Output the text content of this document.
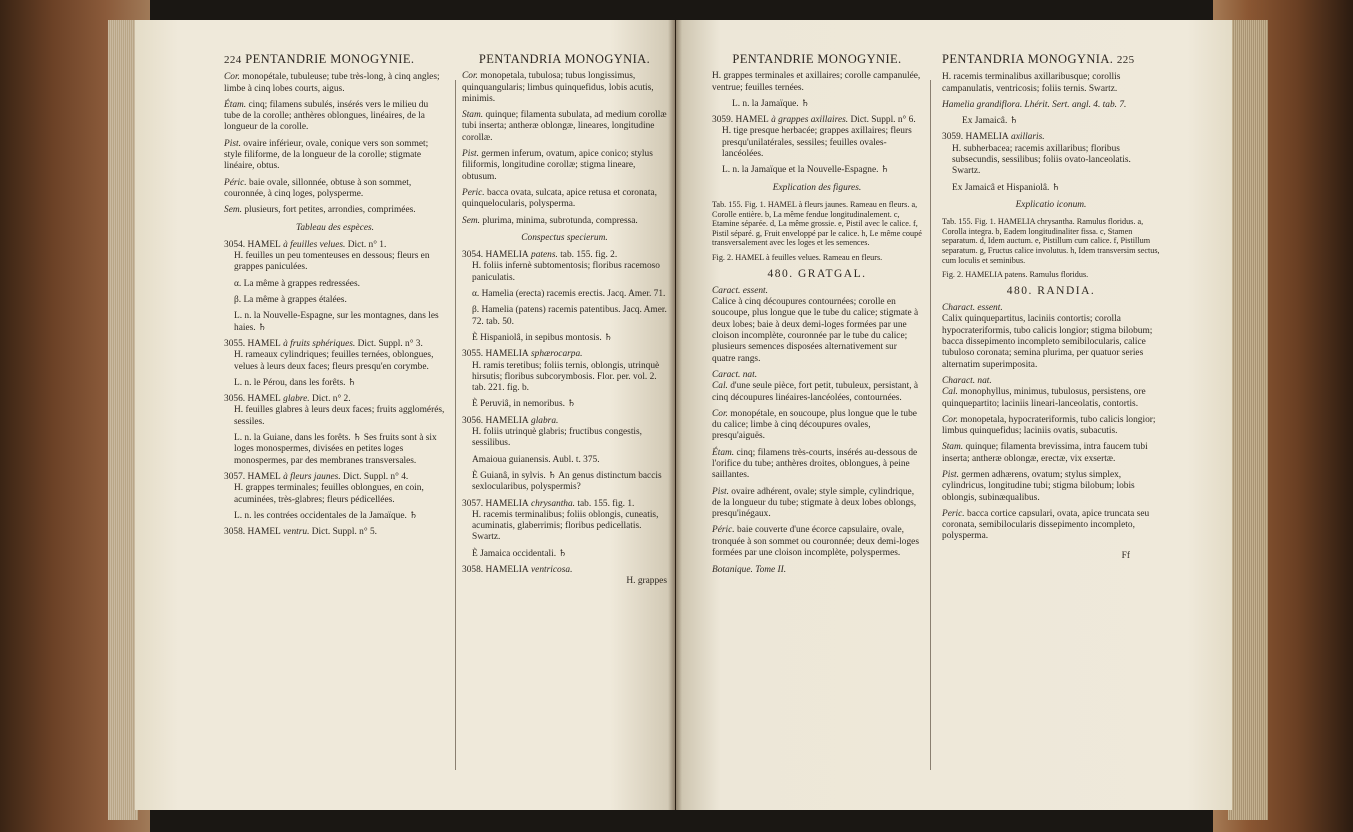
224 PENTANDRIE MONOGYNIE.

Cor. monopétale, tubuleuse; tube très-long, à cinq angles; limbe à cinq lobes courts, aigus.

Étam. cinq; filamens subulés, insérés vers le milieu du tube de la corolle; anthères oblongues, linéaires, de la longueur de la corolle.

Pist. ovaire inférieur, ovale, conique vers son sommet; style filiforme, de la longueur de la corolle; stigmate linéaire, obtus.

Péric. baie ovale, sillonnée, obtuse à son sommet, couronnée, à cinq loges, polysperme.

Sem. plusieurs, fort petites, arrondies, comprimées.

Tableau des espèces.

3054. HAMEL à feuilles velues. Dict. n° 1.

H. feuilles un peu tomenteuses en dessous; fleurs en grappes paniculées.

α. La même à grappes redressées.

β. La même à grappes étalées.

L. n. la Nouvelle-Espagne, sur les montagnes, dans les haies. ♄

3055. HAMEL à fruits sphériques. Dict. Suppl. n° 3.

H. rameaux cylindriques; feuilles ternées, oblongues, velues à leurs deux faces; fleurs presqu'en corymbe.

L. n. le Pérou, dans les forêts. ♄

3056. HAMEL glabre. Dict. n° 2.

H. feuilles glabres à leurs deux faces; fruits agglomérés, sessiles.

L. n. la Guiane, dans les forêts. ♄ Ses fruits sont à six loges monospermes, divisées en petites loges monospermes, par des membranes transversales.

3057. HAMEL à fleurs jaunes. Dict. Suppl. n° 4.

H. grappes terminales; feuilles oblongues, en coin, acuminées, très-glabres; fleurs pédicellées.

L. n. les contrées occidentales de la Jamaïque. ♄

3058. HAMEL ventru. Dict. Suppl. n° 5.

PENTANDRIA MONOGYNIA.

Cor. monopetala, tubulosa; tubus longissimus, quinquangularis; limbus quinquefidus, lobis acutis, minimis.

Stam. quinque; filamenta subulata, ad medium corollæ tubi inserta; antheræ oblongæ, lineares, longitudine corollæ.

Pist. germen inferum, ovatum, apice conico; stylus filiformis, longitudine corollæ; stigma lineare, obtusum.

Peric. bacca ovata, sulcata, apice retusa et coronata, quinquelocularis, polysperma.

Sem. plurima, minima, subrotunda, compressa.

Conspectus specierum.

3054. HAMELIA patens. tab. 155. fig. 2.

H. foliis infernè subtomentosis; floribus racemoso paniculatis.

α. Hamelia (erecta) racemis erectis. Jacq. Amer. 71.

β. Hamelia (patens) racemis patentibus. Jacq. Amer. 72. tab. 50.

È Hispaniolâ, in sepibus montosis. ♄

3055. HAMELIA sphærocarpa.

H. ramis teretibus; foliis ternis, oblongis, utrinquè hirsutis; floribus subcorymbosis. Flor. per. vol. 2. tab. 221. fig. b.

È Peruviâ, in nemoribus. ♄

3056. HAMELIA glabra.

H. foliis utrinquè glabris; fructibus congestis, sessilibus.

Amaioua guianensis. Aubl. t. 375.

È Guianâ, in sylvis. ♄ An genus distinctum baccis sexlocularibus, polyspermis?

3057. HAMELIA chrysantha. tab. 155. fig. 1.

H. racemis terminalibus; foliis oblongis, cuneatis, acuminatis, glaberrimis; floribus pedicellatis. Swartz.

È Jamaica occidentali. ♄

3058. HAMELIA ventricosa.

H. grappes
PENTANDRIE MONOGYNIE.

H. grappes terminales et axillaires; corolle campanulée, ventrue; feuilles ternées.

L. n. la Jamaïque. ♄

3059. HAMEL à grappes axillaires. Dict. Suppl. n° 6.

H. tige presque herbacée; grappes axillaires; fleurs presqu'unilatérales, sessiles; feuilles ovales-lancéolées.

L. n. la Jamaïque et la Nouvelle-Espagne. ♄

Explication des figures.

Tab. 155. Fig. 1. HAMEL à fleurs jaunes. Rameau en fleurs. a, Corolle entière. b, La même fendue longitudinalement. c, Etamine séparée. d, La même grossie. e, Pistil avec le calice. f, Pistil séparé. g, Fruit enveloppé par le calice. h, Le même coupé transversalement avec les loges et les semences.

Fig. 2. HAMEL à feuilles velues. Rameau en fleurs.

480. GRATGAL.
Caract. essent.

Calice à cinq découpures contournées; corolle en soucoupe, plus longue que le tube du calice; stigmate à deux lobes; baie à deux demi-loges formées par une cloison incomplète, couronnée par le tube du calice; plusieurs semences disposées alternativement sur quatre rangs.

Caract. nat.

Cal. d'une seule pièce, fort petit, tubuleux, persistant, à cinq découpures linéaires-lancéolées, contournées.

Cor. monopétale, en soucoupe, plus longue que le tube du calice; limbe à cinq découpures ovales, presqu'aiguës.

Étam. cinq; filamens très-courts, insérés au-dessous de l'orifice du tube; anthères droites, oblongues, à peine saillantes.

Pist. ovaire adhérent, ovale; style simple, cylindrique, de la longueur du tube; stigmate à deux lobes oblongs, presqu'inégaux.

Péric. baie couverte d'une écorce capsulaire, ovale, tronquée à son sommet ou couronnée; deux demi-loges formées par une cloison incomplète, polyspermes.

Botanique. Tome II.
PENTANDRIA MONOGYNIA. 225

H. racemis terminalibus axillaribusque; corollis campanulatis, ventricosis; foliis ternis. Swartz.

Hamelia grandiflora. Lhérit. Sert. angl. 4. tab. 7.

Ex Jamaicâ. ♄

3059. HAMELIA axillaris.

H. subherbacea; racemis axillaribus; floribus subsecundis, sessilibus; foliis ovato-lanceolatis. Swartz.

Ex Jamaicâ et Hispaniolâ. ♄

Explicatio iconum.

Tab. 155. Fig. 1. HAMELIA chrysantha. Ramulus floridus. a, Corolla integra. b, Eadem longitudinaliter fissa. c, Stamen separatum. d, Idem auctum. e, Pistillum cum calice. f, Pistillum separatum. g, Fructus calice involutus. h, Idem transversim sectus, cum loculis et seminibus.

Fig. 2. HAMELIA patens. Ramulus floridus.

480. RANDIA.
Charact. essent.

Calix quinquepartitus, laciniis contortis; corolla hypocrateriformis, tubo calicis longior; stigma bilobum; bacca dissepimento incompleto semibilocularis, calice tubuloso coronata; semina plurima, per quatuor series alternatim superimposita.

Charact. nat.

Cal. monophyllus, minimus, tubulosus, persistens, ore quinquepartito; laciniis lineari-lanceolatis, contortis.

Cor. monopetala, hypocrateriformis, tubo calicis longior; limbus quinquefidus; laciniis ovatis, subacutis.

Stam. quinque; filamenta brevissima, intra faucem tubi inserta; antheræ oblongæ, erectæ, vix exsertæ.

Pist. germen adhærens, ovatum; stylus simplex, cylindricus, longitudine tubi; stigma bilobum; lobis oblongis, subinæqualibus.

Peric. bacca cortice capsulari, ovata, apice truncata seu coronata, semibilocularis dissepimento incompleto, polysperma.

Ff
